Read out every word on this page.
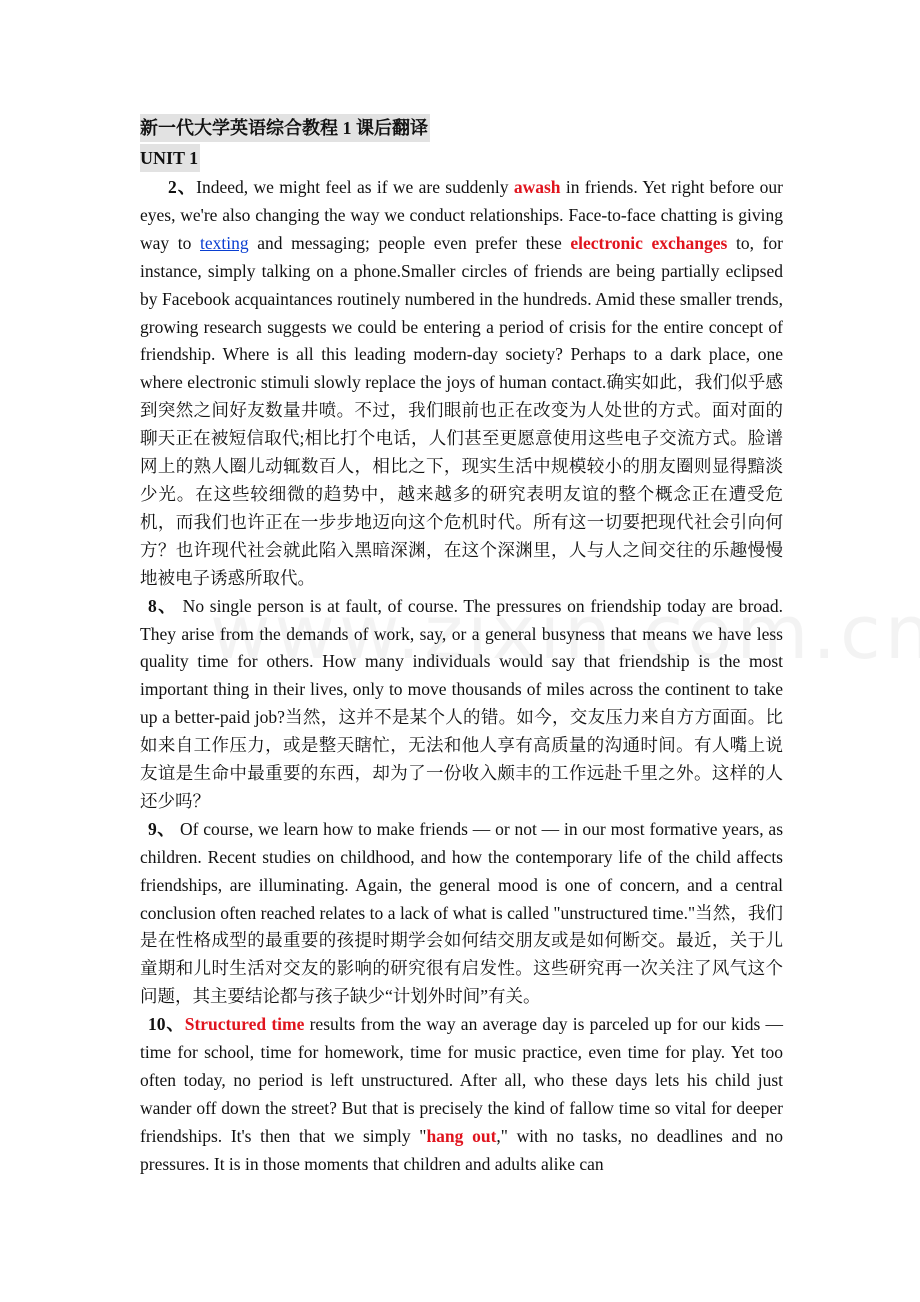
新一代大学英语综合教程 1 课后翻译
UNIT 1

2、Indeed, we might feel as if we are suddenly awash in friends. Yet right before our eyes, we're also changing the way we conduct relationships. Face-to-face chatting is giving way to texting and messaging; people even prefer these electronic exchanges to, for instance, simply talking on a phone.Smaller circles of friends are being partially eclipsed by Facebook acquaintances routinely numbered in the hundreds. Amid these smaller trends, growing research suggests we could be entering a period of crisis for the entire concept of friendship. Where is all this leading modern-day society? Perhaps to a dark place, one where electronic stimuli slowly replace the joys of human contact.确实如此，我们似乎感到突然之间好友数量井喷。不过，我们眼前也正在改变为人处世的方式。面对面的聊天正在被短信取代;相比打个电话，人们甚至更愿意使用这些电子交流方式。脸谱网上的熟人圈儿动辄数百人，相比之下，现实生活中规模较小的朋友圈则显得黯淡少光。在这些较细微的趋势中，越来越多的研究表明友谊的整个概念正在遭受危机，而我们也许正在一步步地迈向这个危机时代。所有这一切要把现代社会引向何方？也许现代社会就此陷入黑暗深渊，在这个深渊里，人与人之间交往的乐趣慢慢地被电子诱惑所取代。

8、 No single person is at fault, of course. The pressures on friendship today are broad. They arise from the demands of work, say, or a general busyness that means we have less quality time for others. How many individuals would say that friendship is the most important thing in their lives, only to move thousands of miles across the continent to take up a better-paid job?当然，这并不是某个人的错。如今，交友压力来自方方面面。比如来自工作压力，或是整天瞎忙，无法和他人享有高质量的沟通时间。有人嘴上说友谊是生命中最重要的东西，却为了一份收入颇丰的工作远赴千里之外。这样的人还少吗？

9、 Of course, we learn how to make friends — or not — in our most formative years, as children. Recent studies on childhood, and how the contemporary life of the child affects friendships, are illuminating. Again, the general mood is one of concern, and a central conclusion often reached relates to a lack of what is called "unstructured time."当然，我们是在性格成型的最重要的孩提时期学会如何结交朋友或是如何断交。最近，关于儿童期和儿时生活对交友的影响的研究很有启发性。这些研究再一次关注了风气这个问题，其主要结论都与孩子缺少“计划外时间”有关。

10、Structured time results from the way an average day is parceled up for our kids — time for school, time for homework, time for music practice, even time for play. Yet too often today, no period is left unstructured. After all, who these days lets his child just wander off down the street? But that is precisely the kind of fallow time so vital for deeper friendships. It's then that we simply "hang out," with no tasks, no deadlines and no pressures. It is in those moments that children and adults alike can
